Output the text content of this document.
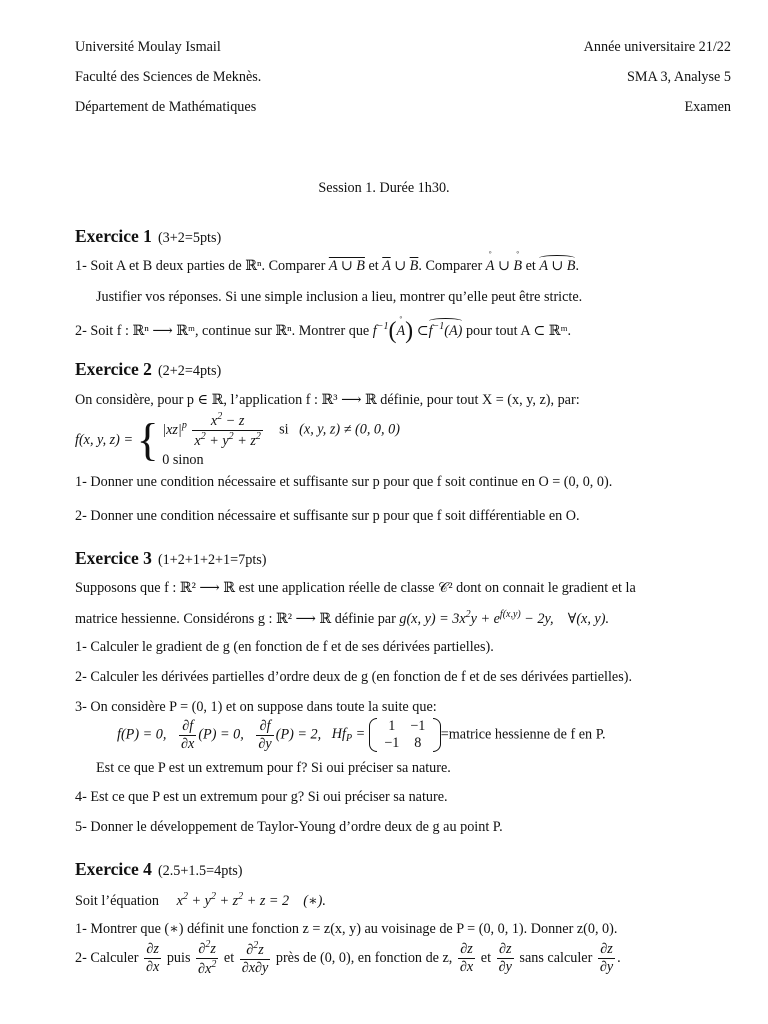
Université Moulay Ismail
Faculté des Sciences de Meknès.
Département de Mathématiques
Année universitaire 21/22
SMA 3, Analyse 5
Examen
Session 1. Durée 1h30.
Exercice 1 (3+2=5pts)
1- Soit A et B deux parties de ℝⁿ. Comparer A ∪ B et $\overline{A}$ ∪ $\overline{B}$. Comparer ◦ A ∪ ◦ B et A ∪ B.
Justifier vos réponses. Si une simple inclusion a lieu, montrer qu’elle peut être stricte.
2- Soit f : ℝⁿ ⟶ ℝᵐ, continue sur ℝⁿ. Montrer que $f^{-1}(◦$ A) $\subset f^{-1}(A)$ pour tout A ⊂ ℝᵐ.
Exercice 2 (2+2=4pts)
On considère, pour p ∈ ℝ, l’application f : ℝ³ ⟶ ℝ définie, pour tout X = (x, y, z), par:
f(x, y, z) = { $|xz|^p \frac{x^2 - z}{x^2 + y^2 + z^2}$ si (x, y, z) ≠ (0, 0, 0)
0 sinon
1- Donner une condition nécessaire et suffisante sur p pour que f soit continue en O = (0, 0, 0).
2- Donner une condition nécessaire et suffisante sur p pour que f soit différentiable en O.
Exercice 3 (1+2+1+2+1=7pts)
Supposons que f : ℝ² ⟶ ℝ est une application réelle de classe 𝒞² dont on connait le gradient et la
matrice hessienne. Considérons g : ℝ² ⟶ ℝ définie par g(x, $y) = 3x^2y + e^{f(x,y)} - 2y$,    ∀(x, y).
1- Calculer le gradient de g (en fonction de f et de ses dérivées partielles).
2- Calculer les dérivées partielles d’ordre deux de g (en fonction de f et de ses dérivées partielles).
3- On considère P = (0, 1) et on suppose dans toute la suite que:
f(P) = 0, $\frac{\partial f}{\partial x} (P) = 0$, $\frac{\partial f}{\partial y} (P) = 2$, $Hf_P$ =
1 −1
−1 8
=matrice hessienne de f en P.
Est ce que P est un extremum pour f? Si oui préciser sa nature.
4- Est ce que P est un extremum pour g? Si oui préciser sa nature.
5- Donner le développement de Taylor-Young d’ordre deux de g au point P.
Exercice 4 (2.5+1.5=4pts)
Soit l’équation $x^2 + y^2 + z^2 + z = 2$    (∗).
1- Montrer que (∗) définit une fonction z = z(x, y) au voisinage de P = (0, 0, 1). Donner z(0, 0).
2- Calculer $\frac{\partial z}{\partial x}$ puis $\frac{\partial^2z}{\partial x^2}$ et $\frac{\partial^2z}{\partial x\partial y}$ près de (0, 0), en fonction de z, $\frac{\partial z}{\partial x}$ et $\frac{\partial z}{\partial y}$ sans calculer $\frac{\partial z}{\partial y}$ .
